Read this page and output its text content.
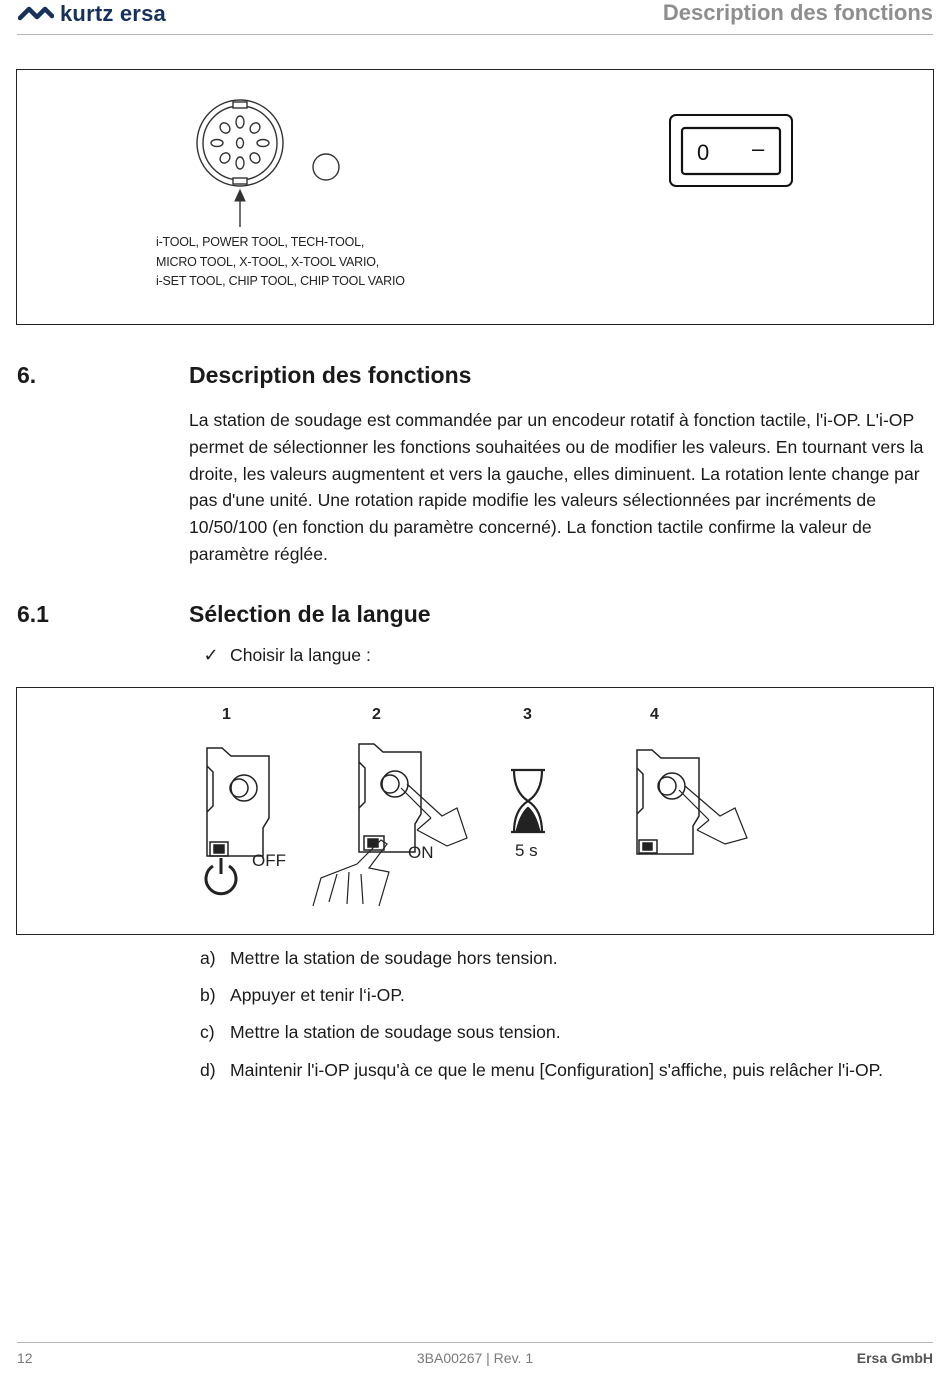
kurtz ersa	Description des fonctions
0 –
i-TOOL, POWER TOOL, TECH-TOOL,
MICRO TOOL, X-TOOL, X-TOOL VARIO,
i-SET TOOL, CHIP TOOL, CHIP TOOL VARIO
6.	Description des fonctions
La station de soudage est commandée par un encodeur rotatif à fonction tactile, l'i-OP. L'i-OP permet de sélectionner les fonctions souhaitées ou de modifier les valeurs. En tournant vers la droite, les valeurs augmentent et vers la gauche, elles diminuent. La rotation lente change par pas d'une unité. Une rotation rapide modifie les valeurs sélectionnées par incréments de 10/50/100 (en fonction du paramètre concerné). La fonction tactile confirme la valeur de paramètre réglée.
6.1	Sélection de la langue
✓ Choisir la langue :
1	2	3	4
OFF	ON	5 s
a) Mettre la station de soudage hors tension.
b) Appuyer et tenir l‘i-OP.
c) Mettre la station de soudage sous tension.
d) Maintenir l'i-OP jusqu'à ce que le menu [Configuration] s'affiche, puis relâcher l'i-OP.
12	3BA00267 | Rev. 1	Ersa GmbH
